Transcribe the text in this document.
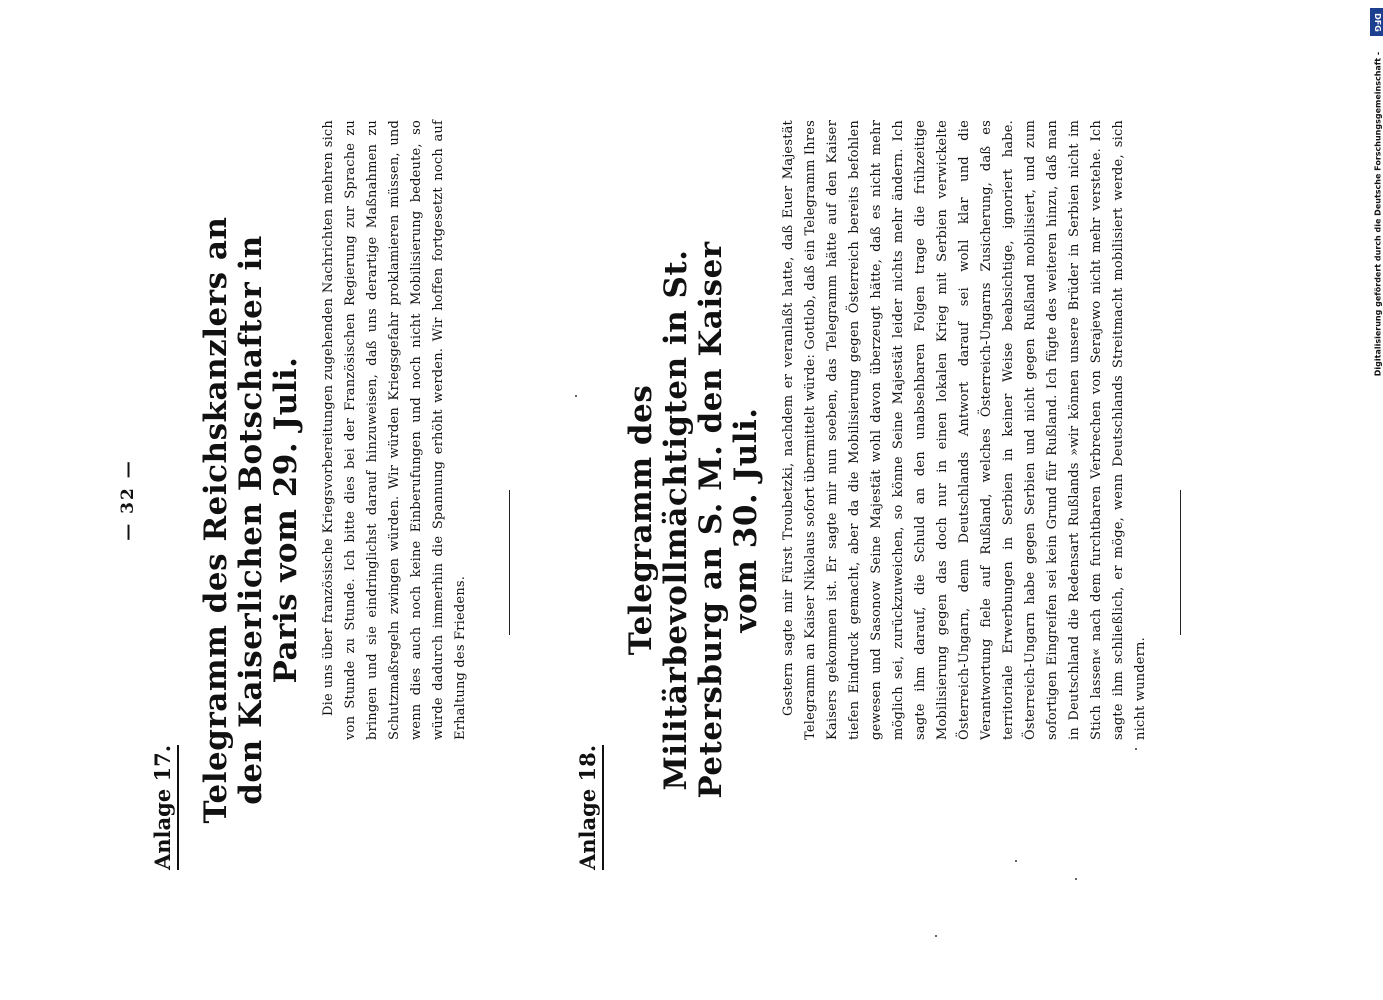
— 32 —
Anlage 17. Telegramm des Reichskanzlers an den Kaiserlichen Botschafter in Paris vom 29. Juli. Die uns über französische Kriegsvorbereitungen zugehenden Nachrichten mehren sich von Stunde zu Stunde. Ich bitte dies bei der Französischen Regierung zur Sprache zu bringen und sie eindringlichst darauf hinzuweisen, daß uns derartige Maßnahmen zu Schutzmaßregeln zwingen würden. Wir würden Kriegsgefahr proklamieren müssen, und wenn dies auch noch keine Einberufungen und noch nicht Mobilisierung bedeute, so würde dadurch immerhin die Spannung erhöht werden. Wir hoffen fortgesetzt noch auf Erhaltung des Friedens.
Anlage 18.
Telegramm des Militärbevollmächtigten in St. Petersburg an S. M. den Kaiser vom 30. Juli. Gestern sagte mir Fürst Troubetzki, nachdem er veranlaßt hatte, daß Euer Majestät Telegramm an Kaiser Nikolaus sofort übermittelt würde: Gottlob, daß ein Telegramm Ihres Kaisers gekommen ist. Er sagte mir nun soeben, das Telegramm hätte auf den Kaiser tiefen Eindruck gemacht, aber da die Mobilisierung gegen Österreich bereits befohlen gewesen und Sasonow Seine Majestät wohl davon überzeugt hätte, daß es nicht mehr möglich sei, zurückzuweichen, so könne Seine Majestät leider nichts mehr ändern. Ich sagte ihm darauf, die Schuld an den unabsehbaren Folgen trage die frühzeitige Mobilisierung gegen das doch nur in einen lokalen Krieg mit Serbien verwickelte Österreich-Ungarn, denn Deutschlands Antwort darauf sei wohl klar und die Verantwortung fiele auf Rußland, welches Österreich-Ungarns Zusicherung, daß es territoriale Erwerbungen in Serbien in keiner Weise beabsichtige, ignoriert habe. Österreich-Ungarn habe gegen Serbien und nicht gegen Rußland mobilisiert, und zum sofortigen Eingreifen sei kein Grund für Rußland. Ich fügte des weiteren hinzu, daß man in Deutschland die Redensart Rußlands »wir können unsere Brüder in Serbien nicht im Stich lassen« nach dem furchtbaren Verbrechen von Serajewo nicht mehr verstehe. Ich sagte ihm schließlich, er möge, wenn Deutschlands Streitmacht mobilisiert werde, sich nicht wundern.
DFG
Digitalisierung gefördert durch die Deutsche Forschungsgemeinschaft -
